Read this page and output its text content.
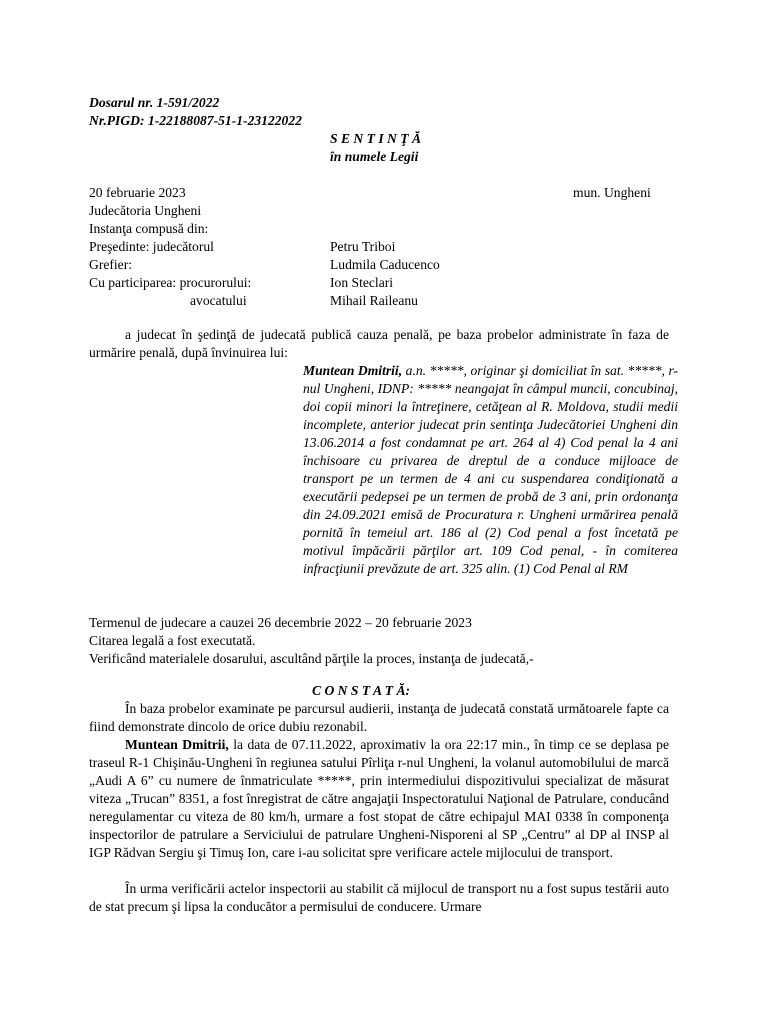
Dosarul nr. 1-591/2022
Nr.PIGD: 1-22188087-51-1-23122022
S E N T I N Ţ Ă
în numele Legii
20 februarie 2023	mun. Ungheni
Judecătoria Ungheni
Instanţa compusă din:
Preşedinte: judecătorul	Petru Triboi
Grefier:	Ludmila Caducenco
Cu participarea: procurorului:	Ion Steclari
avocatului	Mihail Raileanu
a judecat în şedinţă de judecată publică cauza penală, pe baza probelor administrate în faza de urmărire penală, după învinuirea lui:
Muntean Dmitrii, a.n. *****, originar şi domiciliat în sat. *****, r-nul Ungheni, IDNP: ***** neangajat în câmpul muncii, concubinaj, doi copii minori la întreţinere, cetăţean al R. Moldova, studii medii incomplete, anterior judecat prin sentinţa Judecătoriei Ungheni din 13.06.2014 a fost condamnat pe art. 264 al 4) Cod penal la 4 ani închisoare cu privarea de dreptul de a conduce mijloace de transport pe un termen de 4 ani cu suspendarea condiţionată a executării pedepsei pe un termen de probă de 3 ani, prin ordonanţa din 24.09.2021 emisă de Procuratura r. Ungheni urmărirea penală pornită în temeiul art. 186 al (2) Cod penal a fost încetată pe motivul împăcării părţilor art. 109 Cod penal, - în comiterea infracţiunii prevăzute de art. 325 alin. (1) Cod Penal al RM
Termenul de judecare a cauzei 26 decembrie 2022 – 20 februarie 2023
Citarea legală a fost executată.
Verificând materialele dosarului, ascultând părţile la proces, instanţa de judecată,-
C O N S T A T Ă:
În baza probelor examinate pe parcursul audierii, instanţa de judecată constată următoarele fapte ca fiind demonstrate dincolo de orice dubiu rezonabil.
Muntean Dmitrii, la data de 07.11.2022, aproximativ la ora 22:17 min., în timp ce se deplasa pe traseul R-1 Chişinău-Ungheni în regiunea satului Pîrliţa r-nul Ungheni, la volanul automobilului de marcă „Audi A 6” cu numere de înmatriculate *****, prin intermediului dispozitivului specializat de măsurat viteza „Trucan” 8351, a fost înregistrat de către angajaţii Inspectoratului Naţional de Patrulare, conducând neregulamentar cu viteza de 80 km/h, urmare a fost stopat de către echipajul MAI 0338 în componenţa inspectorilor de patrulare a Serviciului de patrulare Ungheni-Nisporeni al SP „Centru” al DP al INSP al IGP Rădvan Sergiu şi Timuş Ion, care i-au solicitat spre verificare actele mijlocului de transport.
În urma verificării actelor inspectorii au stabilit că mijlocul de transport nu a fost supus testării auto de stat precum şi lipsa la conducător a permisului de conducere. Urmare
